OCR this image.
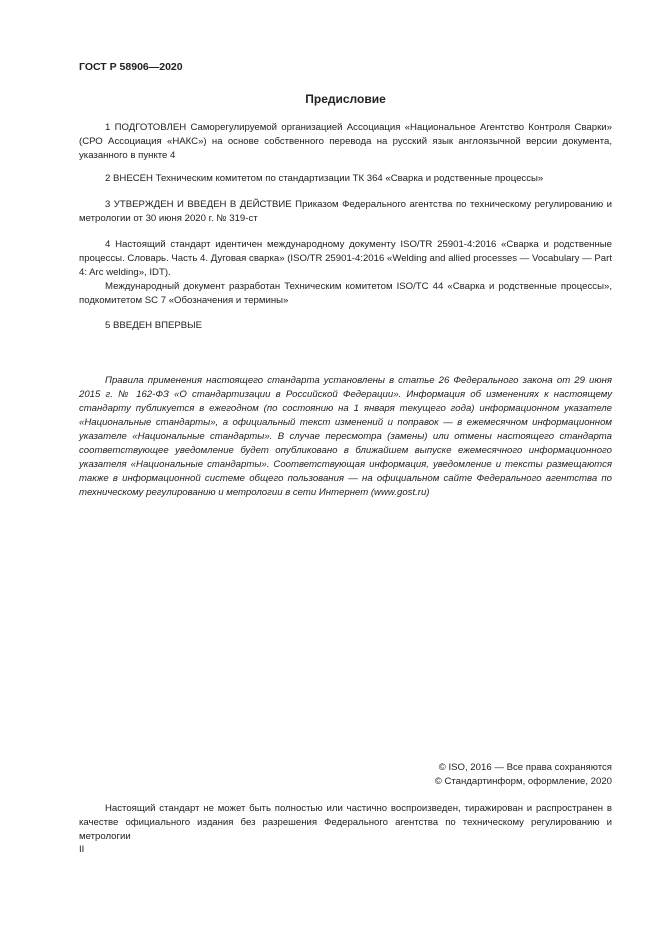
ГОСТ Р 58906—2020
Предисловие

1 ПОДГОТОВЛЕН Саморегулируемой организацией Ассоциация «Национальное Агентство Контроля Сварки» (СРО Ассоциация «НАКС») на основе собственного перевода на русский язык англоязычной версии документа, указанного в пункте 4

2 ВНЕСЕН Техническим комитетом по стандартизации ТК 364 «Сварка и родственные процессы»

3 УТВЕРЖДЕН И ВВЕДЕН В ДЕЙСТВИЕ Приказом Федерального агентства по техническому регулированию и метрологии от 30 июня 2020 г. № 319-ст

4 Настоящий стандарт идентичен международному документу ISO/TR 25901-4:2016 «Сварка и родственные процессы. Словарь. Часть 4. Дуговая сварка» (ISO/TR 25901-4:2016 «Welding and allied processes — Vocabulary — Part 4: Arc welding», IDT).

Международный документ разработан Техническим комитетом ISO/TC 44 «Сварка и родственные процессы», подкомитетом SC 7 «Обозначения и термины»

5 ВВЕДЕН ВПЕРВЫЕ

Правила применения настоящего стандарта установлены в статье 26 Федерального закона от 29 июня 2015 г. № 162-ФЗ «О стандартизации в Российской Федерации». Информация об изменениях к настоящему стандарту публикуется в ежегодном (по состоянию на 1 января текущего года) информационном указателе «Национальные стандарты», а официальный текст изменений и поправок — в ежемесячном информационном указателе «Национальные стандарты». В случае пересмотра (замены) или отмены настоящего стандарта соответствующее уведомление будет опубликовано в ближайшем выпуске ежемесячного информационного указателя «Национальные стандарты». Соответствующая информация, уведомление и тексты размещаются также в информационной системе общего пользования — на официальном сайте Федерального агентства по техническому регулированию и метрологии в сети Интернет (www.gost.ru)

© ISO, 2016 — Все права сохраняются
© Стандартинформ, оформление, 2020

Настоящий стандарт не может быть полностью или частично воспроизведен, тиражирован и распространен в качестве официального издания без разрешения Федерального агентства по техническому регулированию и метрологии

II
